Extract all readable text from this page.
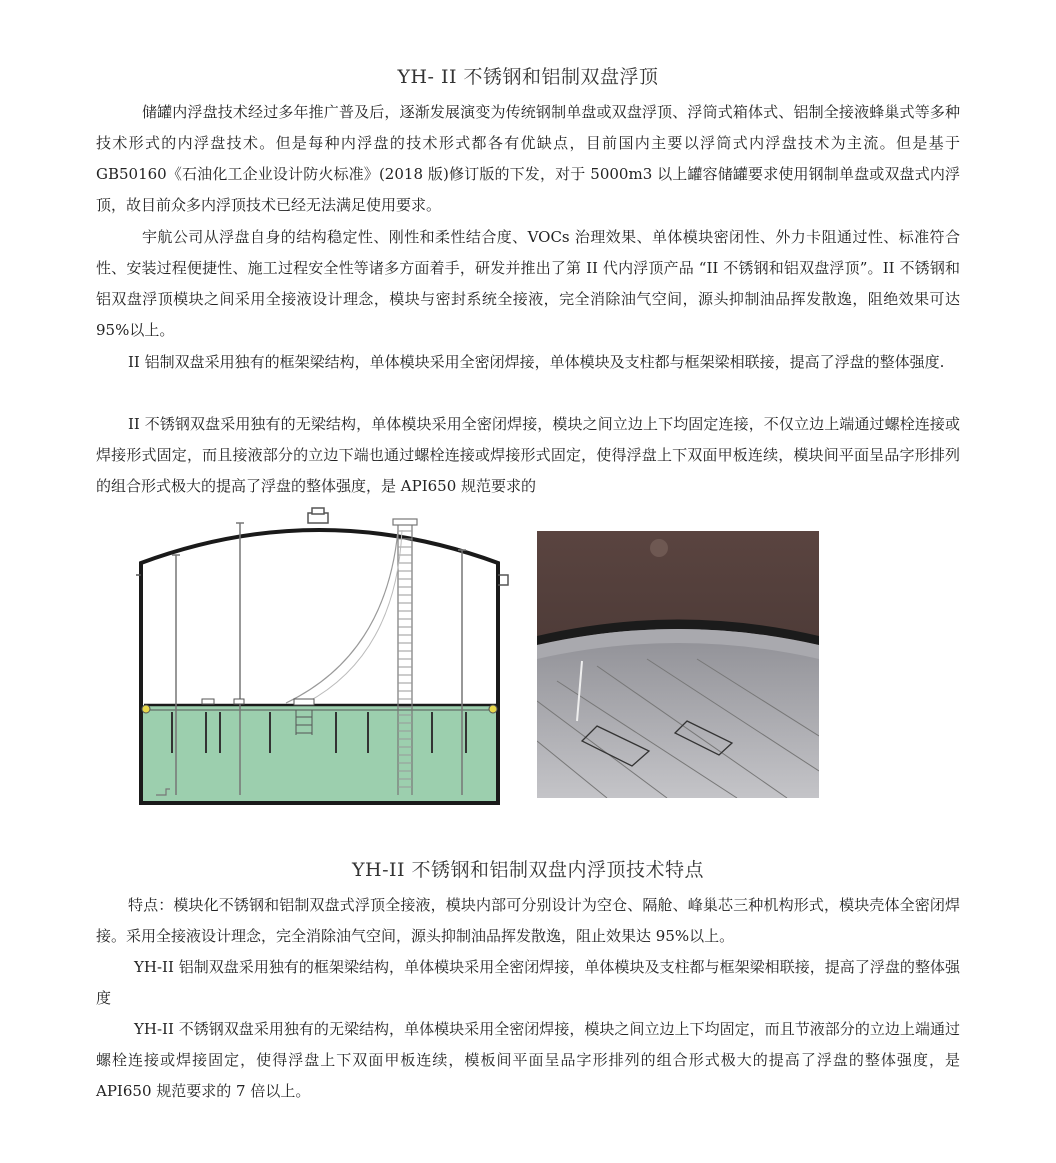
YH- II 不锈钢和铝制双盘浮顶
储罐内浮盘技术经过多年推广普及后，逐渐发展演变为传统钢制单盘或双盘浮顶、浮筒式箱体式、铝制全接液蜂巢式等多种技术形式的内浮盘技术。但是每种内浮盘的技术形式都各有优缺点，目前国内主要以浮筒式内浮盘技术为主流。但是基于 GB50160《石油化工企业设计防火标准》(2018 版)修订版的下发，对于 5000m3 以上罐容储罐要求使用钢制单盘或双盘式内浮顶，故目前众多内浮顶技术已经无法满足使用要求。
宇航公司从浮盘自身的结构稳定性、刚性和柔性结合度、VOCs 治理效果、单体模块密闭性、外力卡阻通过性、标准符合性、安装过程便捷性、施工过程安全性等诸多方面着手，研发并推出了第 II 代内浮顶产品 “II 不锈钢和铝双盘浮顶”。II 不锈钢和铝双盘浮顶模块之间采用全接液设计理念，模块与密封系统全接液，完全消除油气空间，源头抑制油品挥发散逸，阻绝效果可达 95%以上。
II 铝制双盘采用独有的框架梁结构，单体模块采用全密闭焊接，单体模块及支柱都与框架梁相联接，提高了浮盘的整体强度.
II 不锈钢双盘采用独有的无梁结构，单体模块采用全密闭焊接，模块之间立边上下均固定连接，不仅立边上端通过螺栓连接或焊接形式固定，而且接液部分的立边下端也通过螺栓连接或焊接形式固定，使得浮盘上下双面甲板连续，模块间平面呈品字形排列的组合形式极大的提高了浮盘的整体强度，是 API650 规范要求的
YH-II 不锈钢和铝制双盘内浮顶技术特点
特点：模块化不锈钢和铝制双盘式浮顶全接液，模块内部可分别设计为空仓、隔舱、峰巢芯三种机构形式，模块壳体全密闭焊接。采用全接液设计理念，完全消除油气空间，源头抑制油品挥发散逸，阻止效果达 95%以上。
YH-II 铝制双盘采用独有的框架梁结构，单体模块采用全密闭焊接，单体模块及支柱都与框架梁相联接，提高了浮盘的整体强度
YH-II 不锈钢双盘采用独有的无梁结构，单体模块采用全密闭焊接，模块之间立边上下均固定，而且节液部分的立边上端通过螺栓连接或焊接固定，使得浮盘上下双面甲板连续，模板间平面呈品字形排列的组合形式极大的提高了浮盘的整体强度，是 API650 规范要求的 7 倍以上。
